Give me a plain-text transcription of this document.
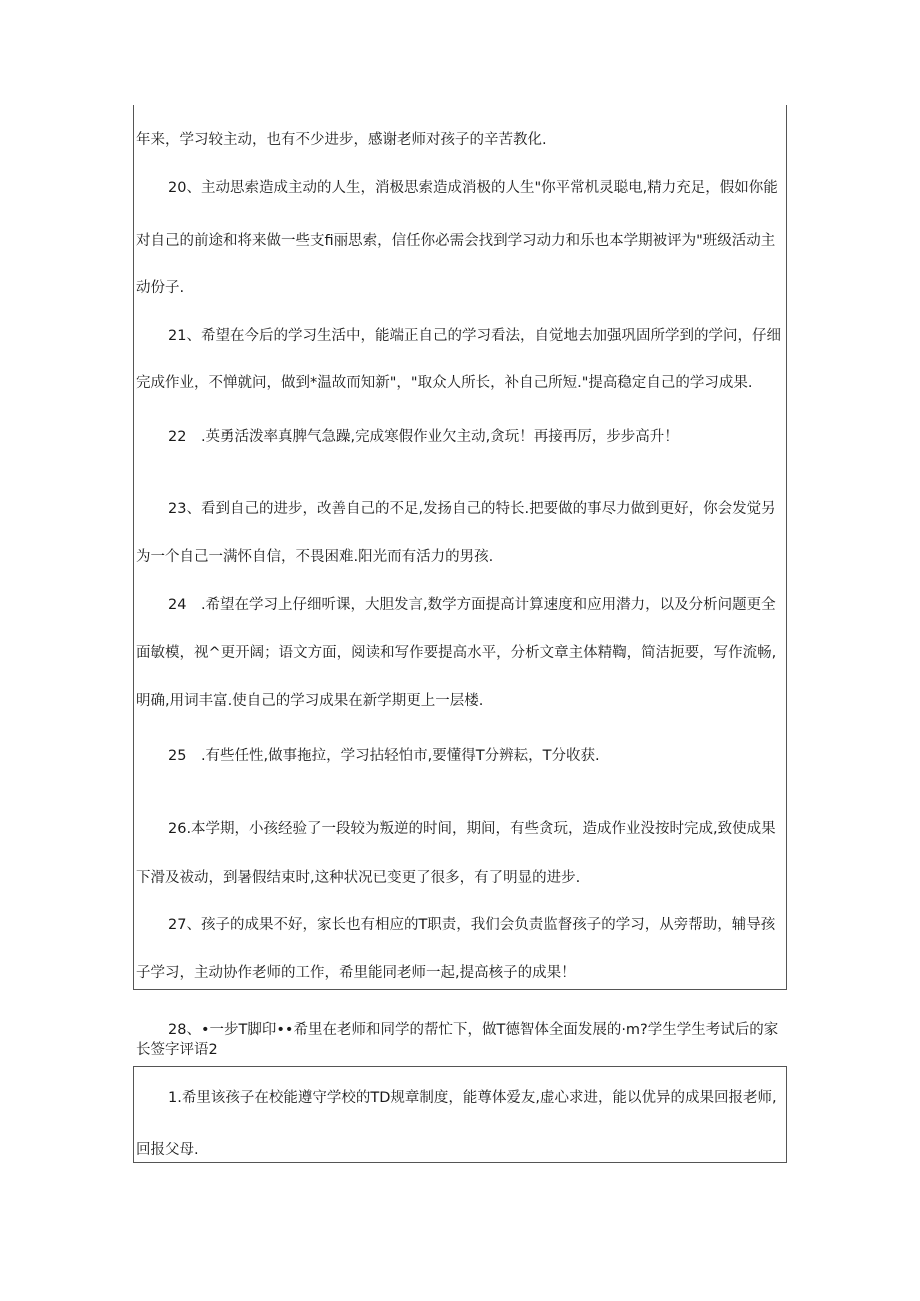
年来，学习较主动，也有不少进步，感谢老师对孩子的辛苦教化.

20、主动思索造成主动的人生，消极思索造成消极的人生"你平常机灵聪电,精力充足，假如你能

对自己的前途和将来做一些支fi丽思索，信任你必需会找到学习动力和乐也本学期被评为"班级活动主

动份子.

21、希望在今后的学习生活中，能端正自己的学习看法，自觉地去加强巩固所学到的学问，仔细

完成作业，不惮就问，做到*温故而知新"，"取众人所长，补自己所短."提高稳定自己的学习成果.

22　.英勇活泼率真脾气急躁,完成寒假作业欠主动,贪玩！再接再厉，步步高升！

23、看到自己的进步，改善自己的不足,发扬自己的特长.把要做的事尽力做到更好，你会发觉另

为一个自己一满怀自信，不畏困难.阳光而有活力的男孩.

24　.希望在学习上仔细听课，大胆发言,数学方面提高计算速度和应用潜力，以及分析问题更全

面敏模，视^更开阔；语文方面，阅读和写作要提高水平，分析文章主体精鞫，简洁扼要，写作流畅,

明确,用词丰富.使自己的学习成果在新学期更上一层楼.

25　.有些任性,做事拖拉，学习拈轻怕市,要懂得T分辨耘，T分收获.

26.本学期，小孩经验了一段较为叛逆的时间，期间，有些贪玩，造成作业没按时完成,致使成果

下滑及祓动，到暑假结束时,这种状况已变更了很多，有了明显的进步.

27、孩子的成果不好，家长也有相应的T职责，我们会负责监督孩子的学习，从旁帮助，辅导孩

子学习，主动协作老师的工作，希里能同老师一起,提高核子的成果！

28、•一步T脚印••希里在老师和同学的帮忙下，做T德智体全面发展的·m?学生学生考试后的家
长签字评语2

1.希里该孩子在校能遵守学校的TD规章制度，能尊体爱友,虚心求进，能以优异的成果回报老师,

回报父母.
